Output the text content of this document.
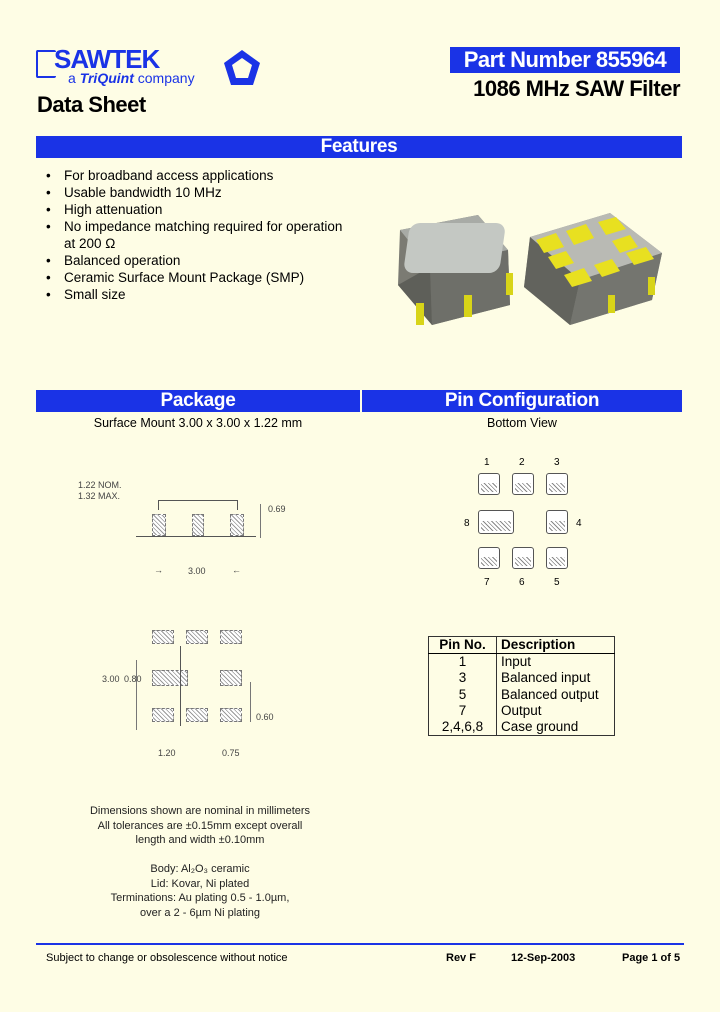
SAWTEK
a TriQuint company
Data Sheet
Part Number 855964
1086 MHz SAW Filter
Features
• For broadband access applications
• Usable bandwidth 10 MHz
• High attenuation
• No impedance matching required for operation at 200 Ω
• Balanced operation
• Ceramic Surface Mount Package (SMP)
• Small size
Package	Pin Configuration
Surface Mount 3.00 x 3.00 x 1.22 mm	Bottom View
1.22 NOM.
1.32 MAX.
0.69
3.00
→	←
3.00 0.80
0.60
1.20	0.75
1	2	3
8	4
7	6	5
Pin No.	Description
1	Input
3	Balanced input
5	Balanced output
7	Output
2,4,6,8	Case ground
Dimensions shown are nominal in millimeters
All tolerances are ±0.15mm except overall
length and width ±0.10mm
Body: Al₂O₃ ceramic
Lid: Kovar, Ni plated
Terminations: Au plating 0.5 - 1.0µm,
over a 2 - 6µm Ni plating
Subject to change or obsolescence without notice	Rev F	12-Sep-2003	Page 1 of 5
